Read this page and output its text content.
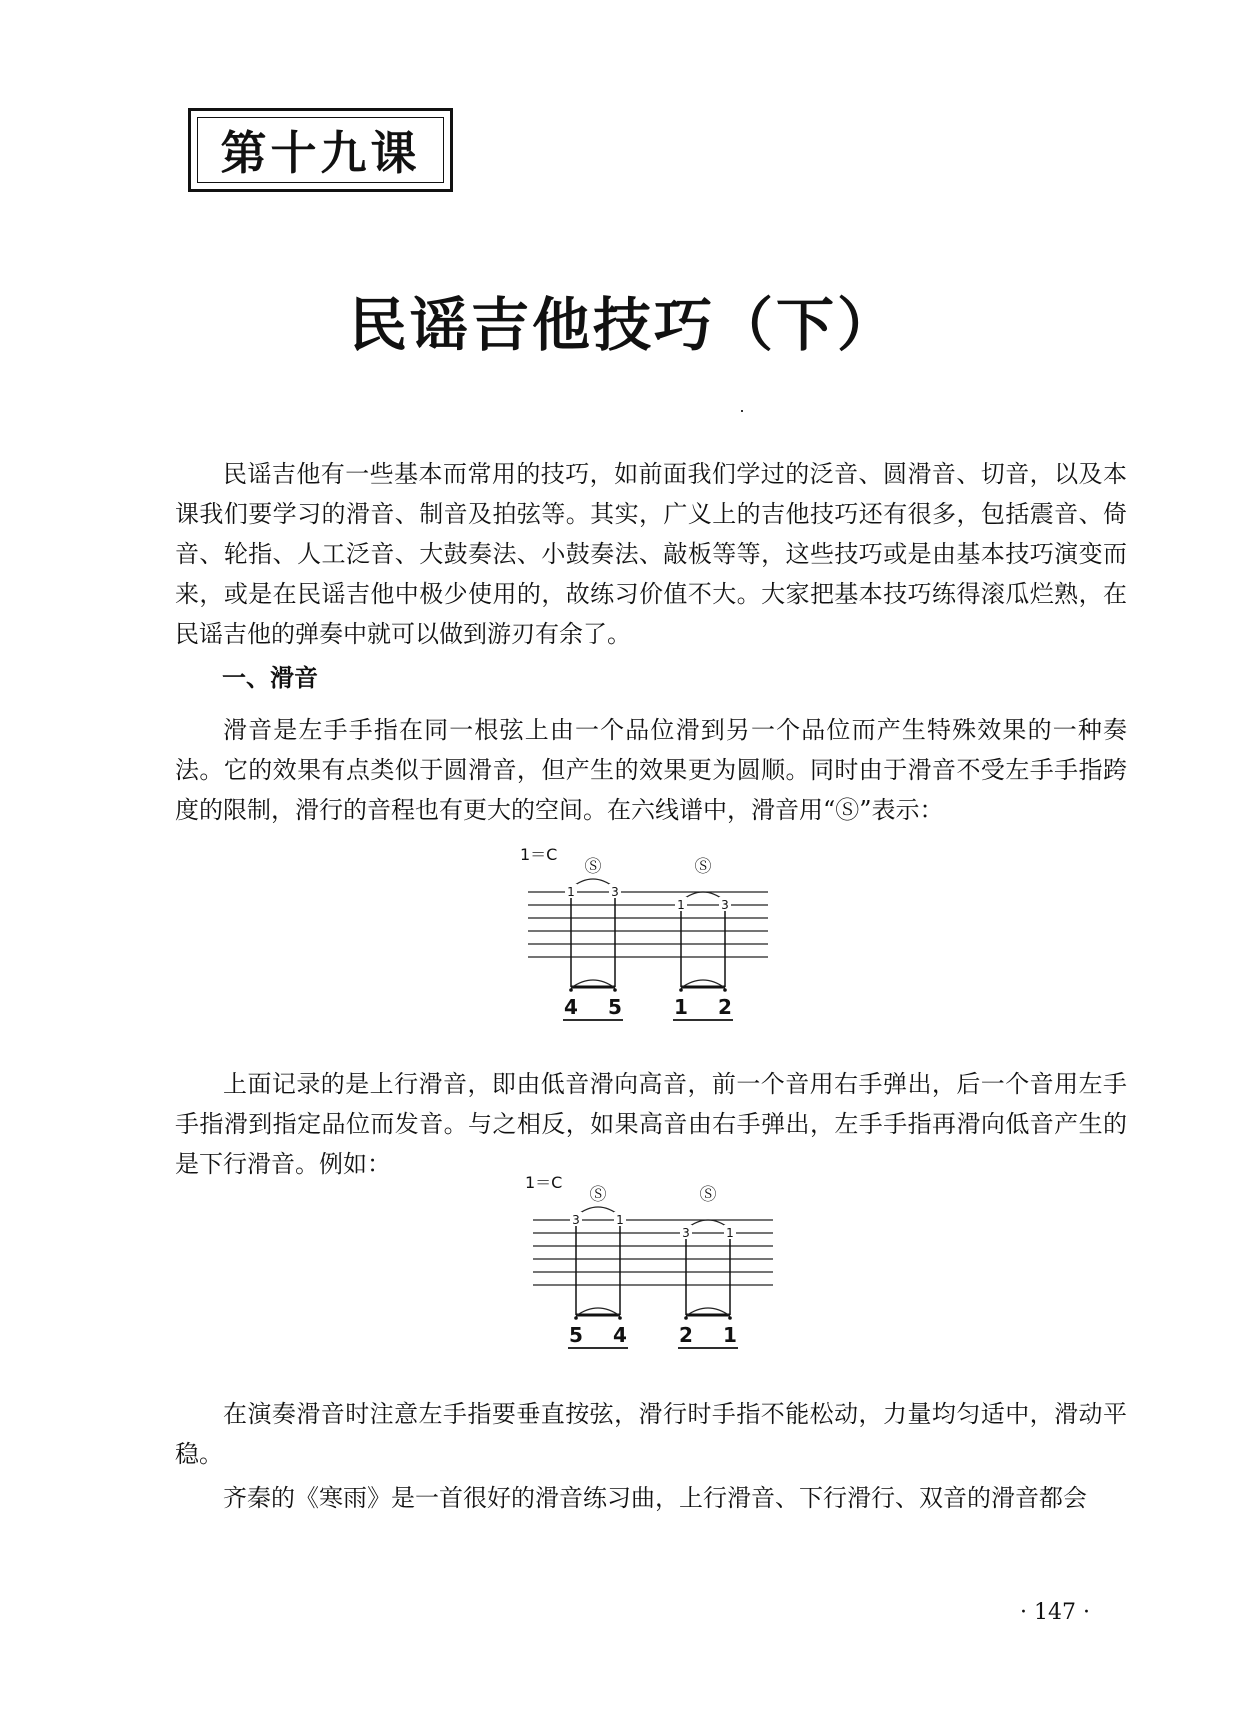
第十九课
民谣吉他技巧（下）

民谣吉他有一些基本而常用的技巧，如前面我们学过的泛音、圆滑音、切音，以及本课我们要学习的滑音、制音及拍弦等。其实，广义上的吉他技巧还有很多，包括震音、倚音、轮指、人工泛音、大鼓奏法、小鼓奏法、敲板等等，这些技巧或是由基本技巧演变而来，或是在民谣吉他中极少使用的，故练习价值不大。大家把基本技巧练得滚瓜烂熟，在民谣吉他的弹奏中就可以做到游刃有余了。

一、滑音

滑音是左手手指在同一根弦上由一个品位滑到另一个品位而产生特殊效果的一种奏法。它的效果有点类似于圆滑音，但产生的效果更为圆顺。同时由于滑音不受左手手指跨度的限制，滑行的音程也有更大的空间。在六线谱中，滑音用“Ⓢ”表示：

1＝C
Ⓢ
1	3
4 5
Ⓢ
1	3
1 2

上面记录的是上行滑音，即由低音滑向高音，前一个音用右手弹出，后一个音用左手手指滑到指定品位而发音。与之相反，如果高音由右手弹出，左手手指再滑向低音产生的是下行滑音。例如：

1＝C
Ⓢ
3	1
5 4
Ⓢ
3	1
2 1

在演奏滑音时注意左手指要垂直按弦，滑行时手指不能松动，力量均匀适中，滑动平稳。

齐秦的《寒雨》是一首很好的滑音练习曲，上行滑音、下行滑行、双音的滑音都会

· 147 ·
